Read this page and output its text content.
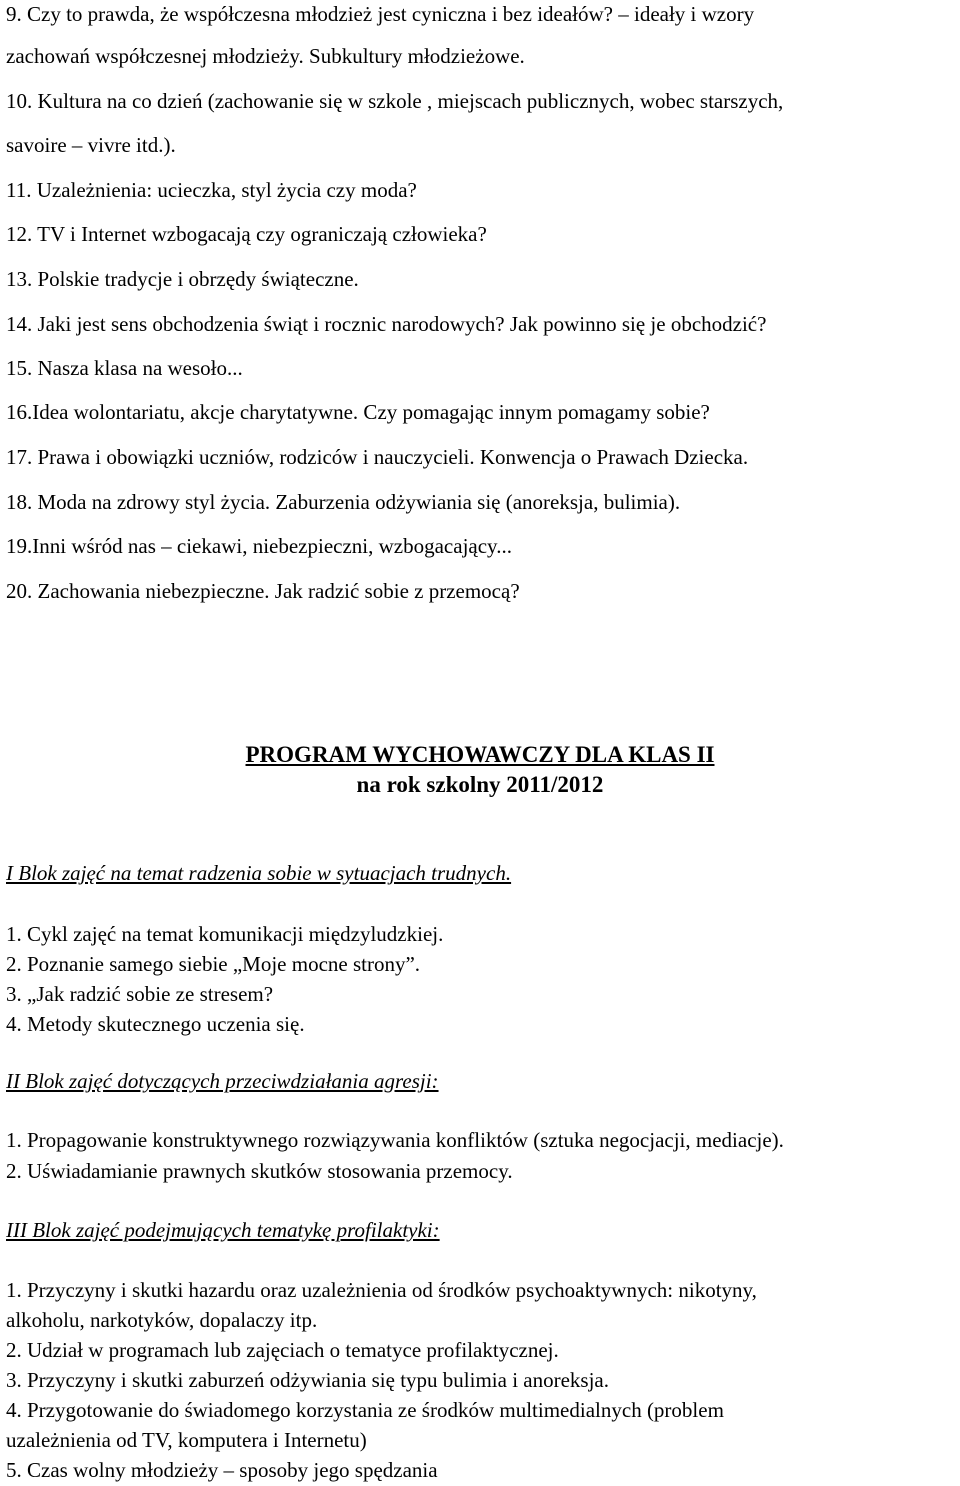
9. Czy to prawda, że współczesna młodzież jest cyniczna i bez ideałów? – ideały i wzory
zachowań współczesnej młodzieży. Subkultury młodzieżowe.
10. Kultura na co dzień (zachowanie się w szkole , miejscach publicznych, wobec starszych,
savoire – vivre itd.).
11. Uzależnienia: ucieczka, styl życia czy moda?
12. TV i Internet wzbogacają czy ograniczają człowieka?
13. Polskie tradycje i obrzędy świąteczne.
14. Jaki jest sens obchodzenia świąt i rocznic narodowych? Jak powinno się je obchodzić?
15. Nasza klasa na wesoło...
16.Idea wolontariatu, akcje charytatywne. Czy pomagając innym pomagamy sobie?
17. Prawa i obowiązki uczniów, rodziców i nauczycieli. Konwencja o Prawach Dziecka.
18. Moda na zdrowy styl życia. Zaburzenia odżywiania się (anoreksja, bulimia).
19.Inni wśród nas – ciekawi, niebezpieczni, wzbogacający...
20. Zachowania niebezpieczne. Jak radzić sobie z przemocą?
PROGRAM WYCHOWAWCZY DLA KLAS II
na rok szkolny 2011/2012
I Blok zajęć na temat radzenia sobie w sytuacjach trudnych.
1. Cykl zajęć na temat komunikacji międzyludzkiej.
2. Poznanie samego siebie „Moje mocne strony”.
3. „Jak radzić sobie ze stresem?
4. Metody skutecznego uczenia się.
II Blok zajęć dotyczących przeciwdziałania agresji:
1. Propagowanie konstruktywnego rozwiązywania konfliktów (sztuka negocjacji, mediacje).
2. Uświadamianie prawnych skutków stosowania przemocy.
III Blok zajęć podejmujących tematykę profilaktyki:
1. Przyczyny i skutki hazardu oraz uzależnienia od środków psychoaktywnych: nikotyny,
alkoholu, narkotyków, dopalaczy itp.
2. Udział w programach lub zajęciach o tematyce profilaktycznej.
3. Przyczyny i skutki zaburzeń odżywiania się typu bulimia i anoreksja.
4. Przygotowanie do świadomego korzystania ze środków multimedialnych (problem
uzależnienia od TV, komputera i Internetu)
5. Czas wolny młodzieży – sposoby jego spędzania
